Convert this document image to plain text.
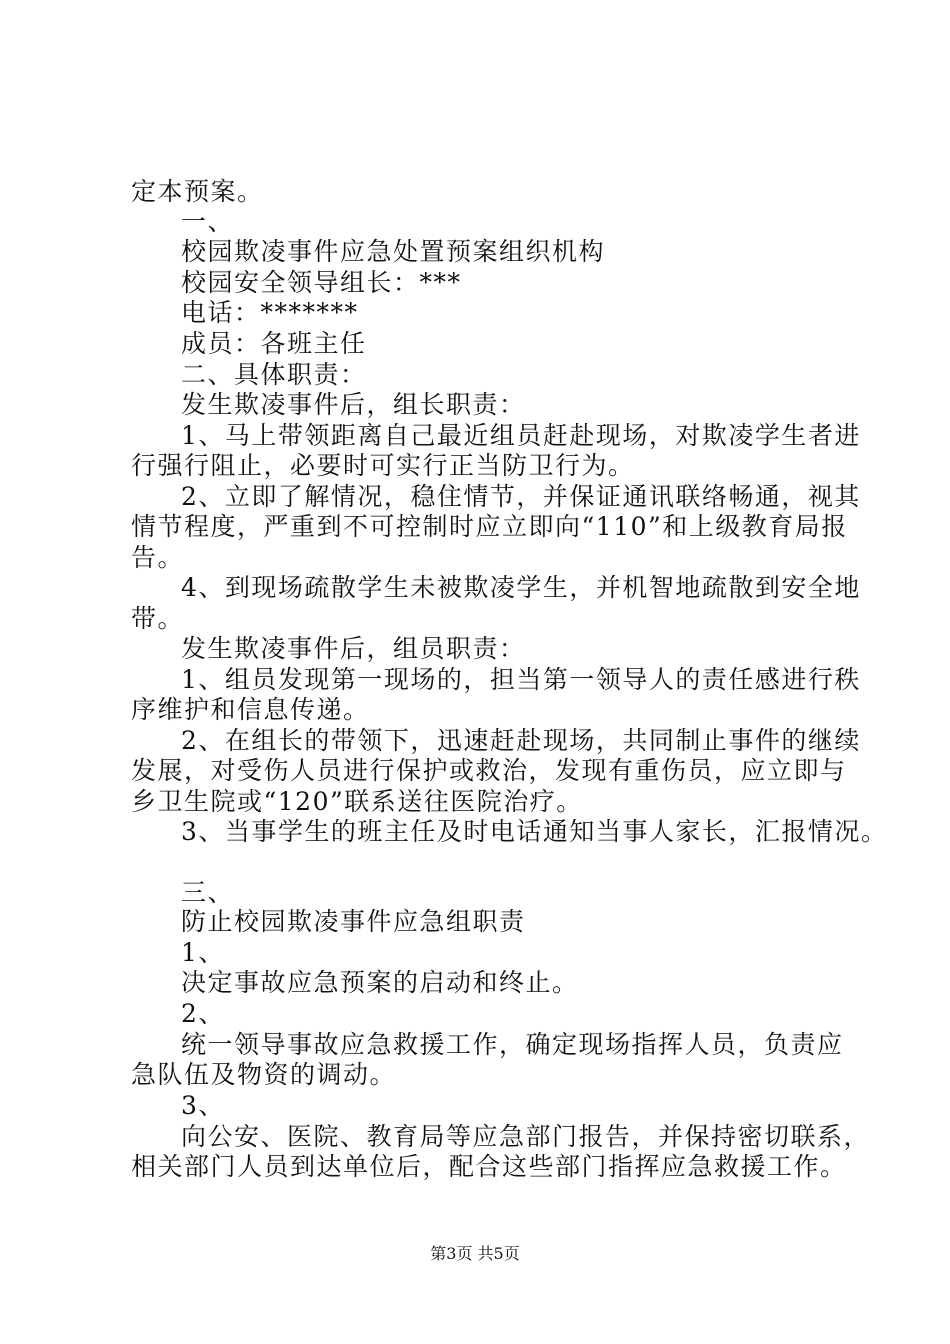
定本预案。

一、

校园欺凌事件应急处置预案组织机构

校园安全领导组长：***

电话：*******

成员：各班主任

二、具体职责：

发生欺凌事件后，组长职责：

1、马上带领距离自己最近组员赶赴现场，对欺凌学生者进

行强行阻止，必要时可实行正当防卫行为。

2、立即了解情况，稳住情节，并保证通讯联络畅通，视其

情节程度，严重到不可控制时应立即向“110”和上级教育局报

告。

4、到现场疏散学生未被欺凌学生，并机智地疏散到安全地

带。

发生欺凌事件后，组员职责：

1、组员发现第一现场的，担当第一领导人的责任感进行秩

序维护和信息传递。

2、在组长的带领下，迅速赶赴现场，共同制止事件的继续

发展，对受伤人员进行保护或救治，发现有重伤员，应立即与

乡卫生院或“120”联系送往医院治疗。

3、当事学生的班主任及时电话通知当事人家长，汇报情况。

三、

防止校园欺凌事件应急组职责

1、

决定事故应急预案的启动和终止。

2、

统一领导事故应急救援工作，确定现场指挥人员，负责应

急队伍及物资的调动。

3、

向公安、医院、教育局等应急部门报告，并保持密切联系，

相关部门人员到达单位后，配合这些部门指挥应急救援工作。

第3页 共5页
